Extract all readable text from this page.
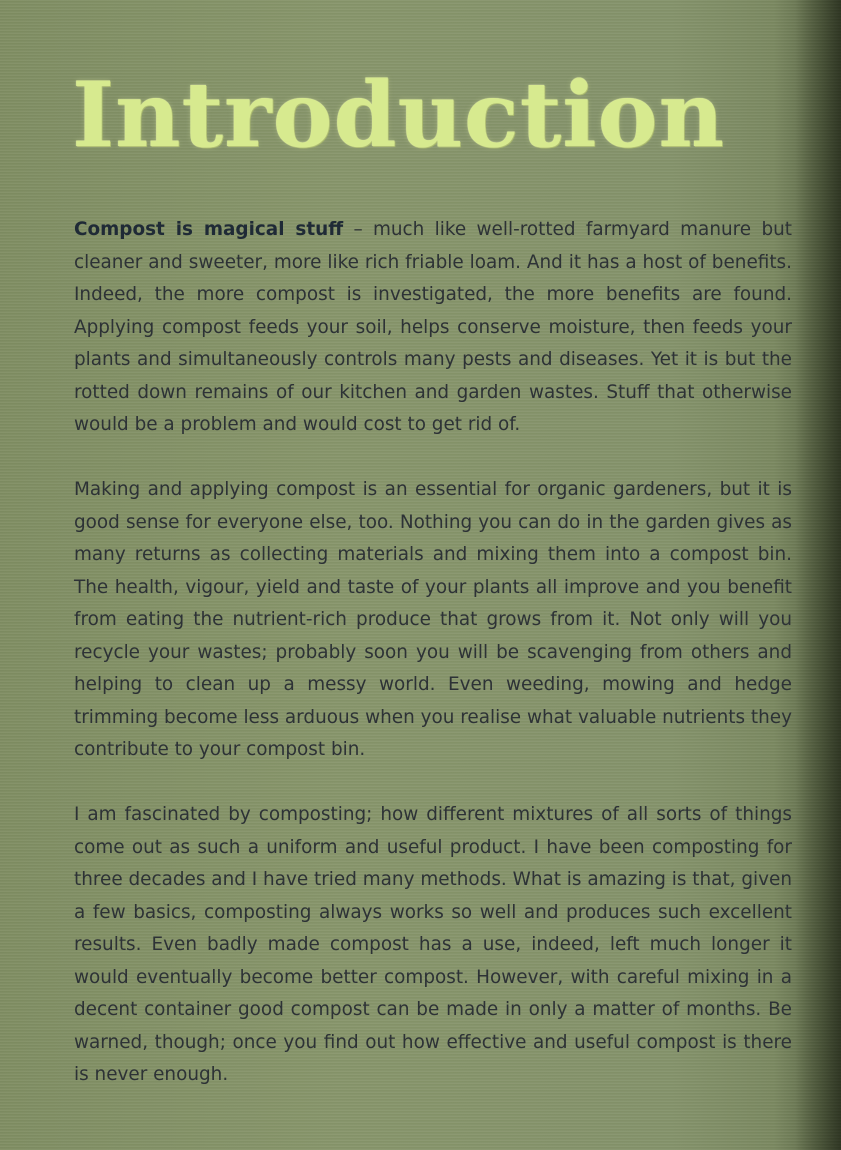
Introduction

Compost is magical stuff – much like well-rotted farmyard manure but cleaner and sweeter, more like rich friable loam. And it has a host of benefits. Indeed, the more compost is investigated, the more benefits are found. Applying compost feeds your soil, helps conserve moisture, then feeds your plants and simultaneously controls many pests and diseases. Yet it is but the rotted down remains of our kitchen and garden wastes. Stuff that otherwise would be a problem and would cost to get rid of.

Making and applying compost is an essential for organic gardeners, but it is good sense for everyone else, too. Nothing you can do in the garden gives as many returns as collecting materials and mixing them into a compost bin. The health, vigour, yield and taste of your plants all improve and you benefit from eating the nutrient-rich produce that grows from it. Not only will you recycle your wastes; probably soon you will be scavenging from others and helping to clean up a messy world. Even weeding, mowing and hedge trimming become less arduous when you realise what valuable nutrients they contribute to your compost bin.

I am fascinated by composting; how different mixtures of all sorts of things come out as such a uniform and useful product. I have been composting for three decades and I have tried many methods. What is amazing is that, given a few basics, composting always works so well and produces such excellent results. Even badly made compost has a use, indeed, left much longer it would eventually become better compost. However, with careful mixing in a decent container good compost can be made in only a matter of months. Be warned, though; once you find out how effective and useful compost is there is never enough.
